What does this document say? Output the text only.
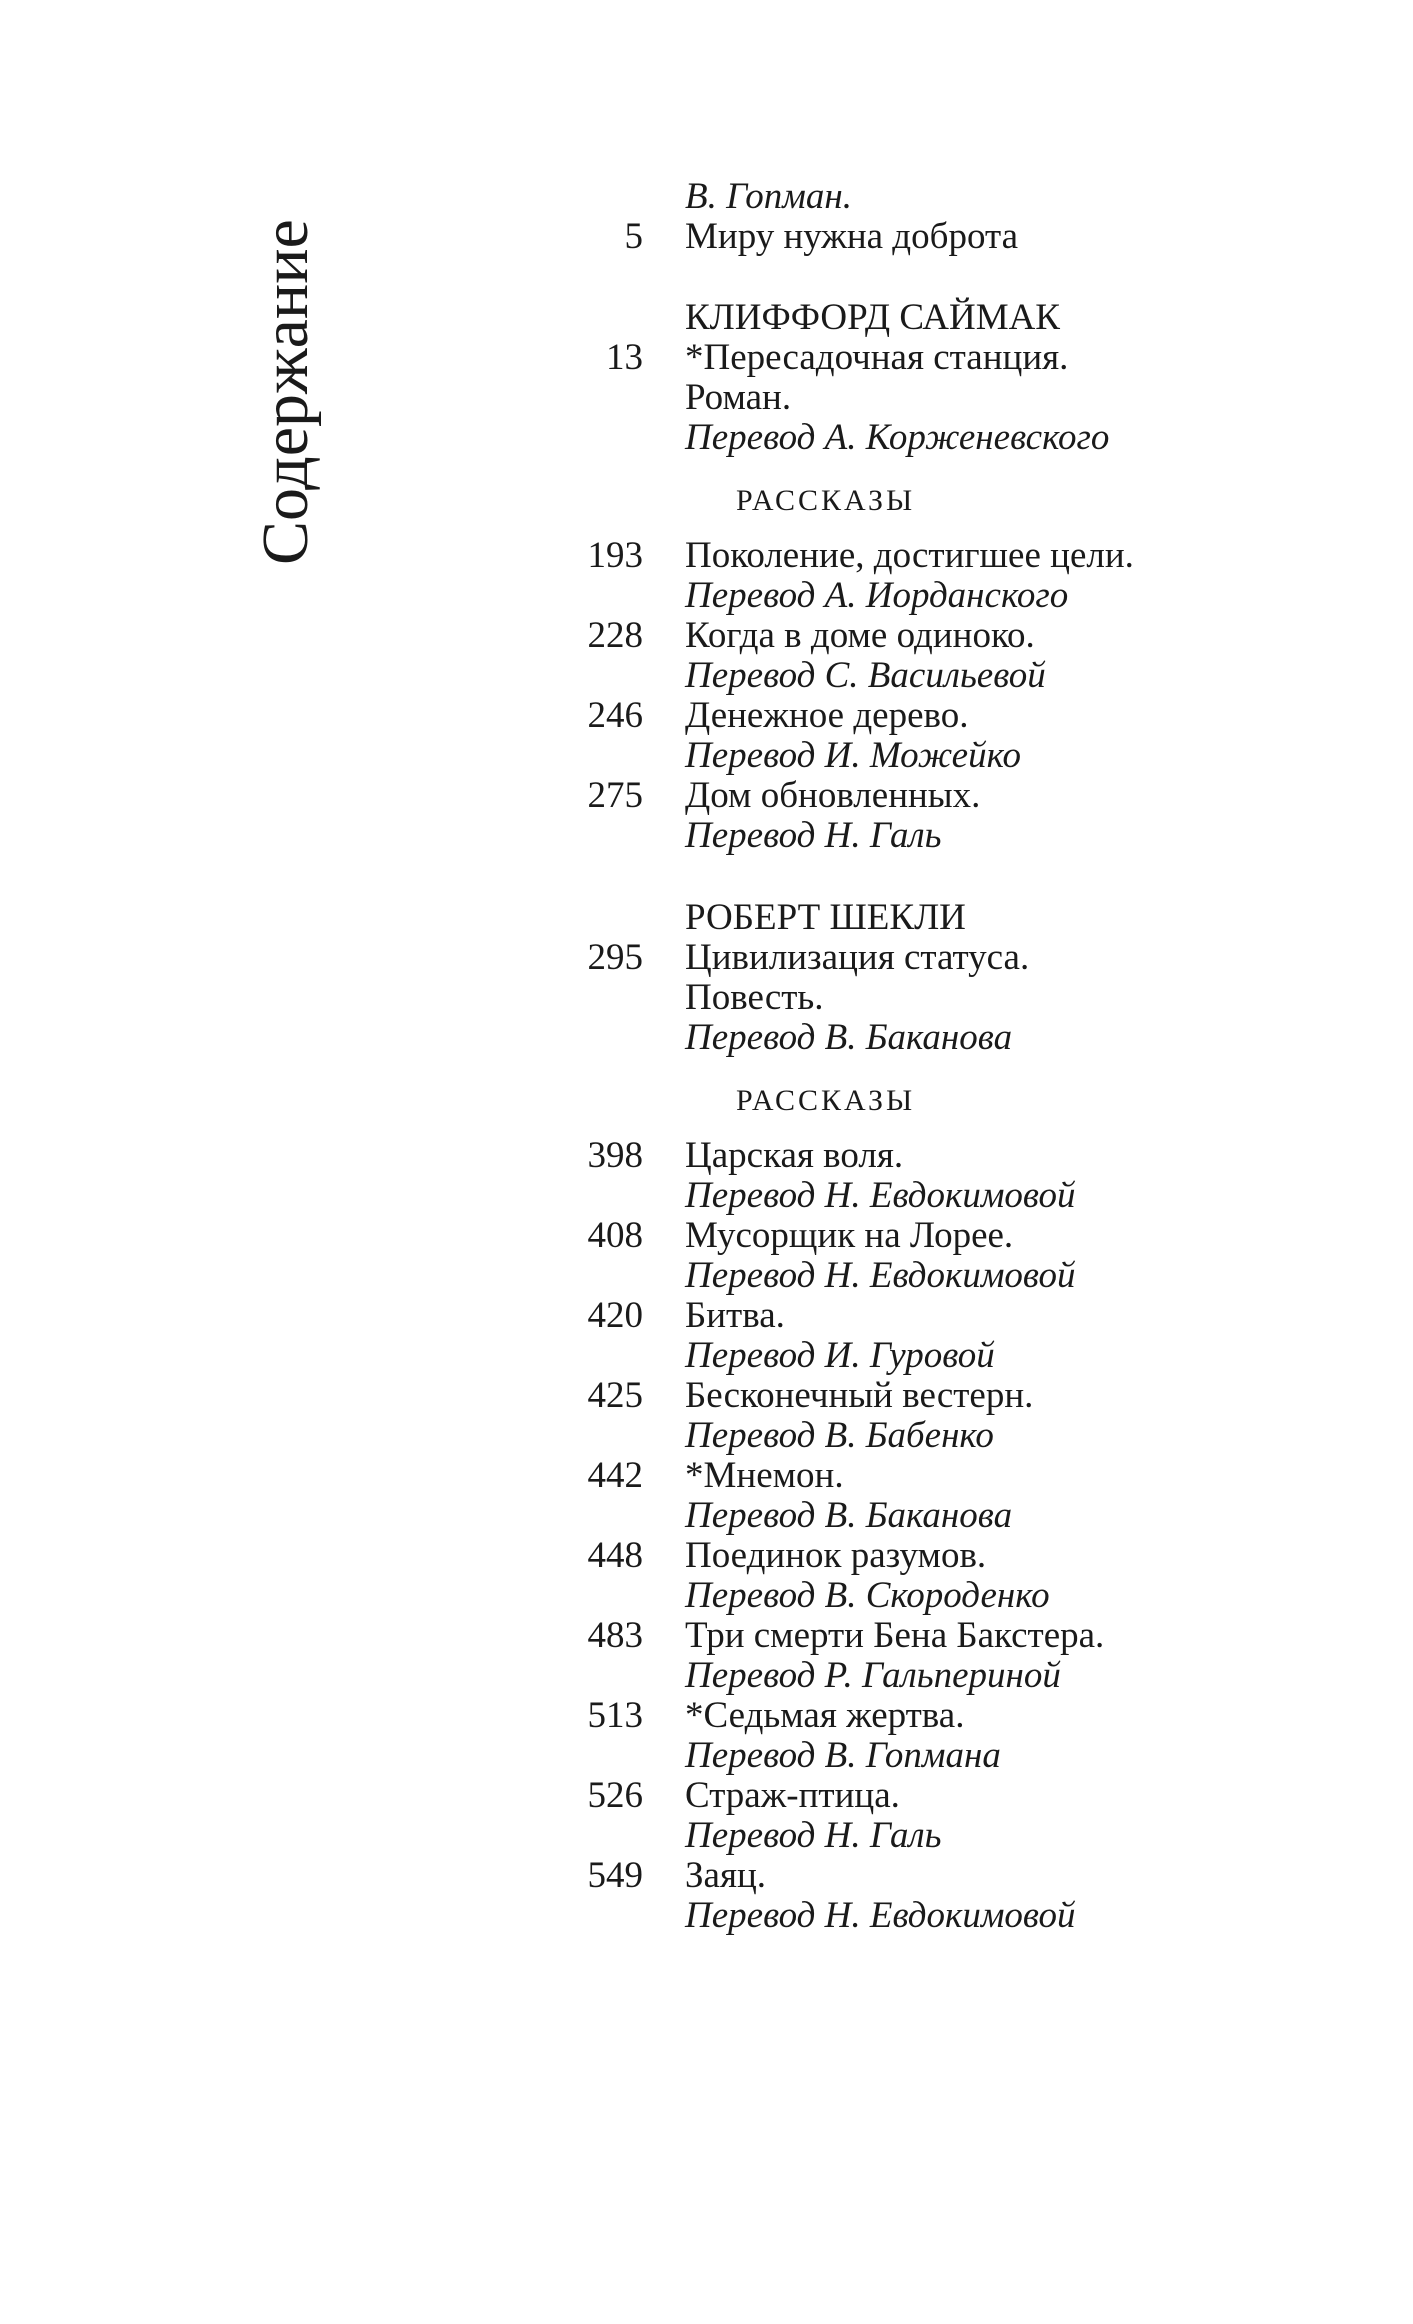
Содержание
В. Гопман.
5 Миру нужна доброта
КЛИФФОРД САЙМАК
13 *Пересадочная станция.
Роман.
Перевод А. Корженевского
РАССКАЗЫ
193 Поколение, достигшее цели.
Перевод А. Иорданского
228 Когда в доме одиноко.
Перевод С. Васильевой
246 Денежное дерево.
Перевод И. Можейко
275 Дом обновленных.
Перевод Н. Галь
РОБЕРТ ШЕКЛИ
295 Цивилизация статуса.
Повесть.
Перевод В. Баканова
РАССКАЗЫ
398 Царская воля.
Перевод Н. Евдокимовой
408 Мусорщик на Лорее.
Перевод Н. Евдокимовой
420 Битва.
Перевод И. Гуровой
425 Бесконечный вестерн.
Перевод В. Бабенко
442 *Мнемон.
Перевод В. Баканова
448 Поединок разумов.
Перевод В. Скороденко
483 Три смерти Бена Бакстера.
Перевод Р. Гальпериной
513 *Седьмая жертва.
Перевод В. Гопмана
526 Страж-птица.
Перевод Н. Галь
549 Заяц.
Перевод Н. Евдокимовой
